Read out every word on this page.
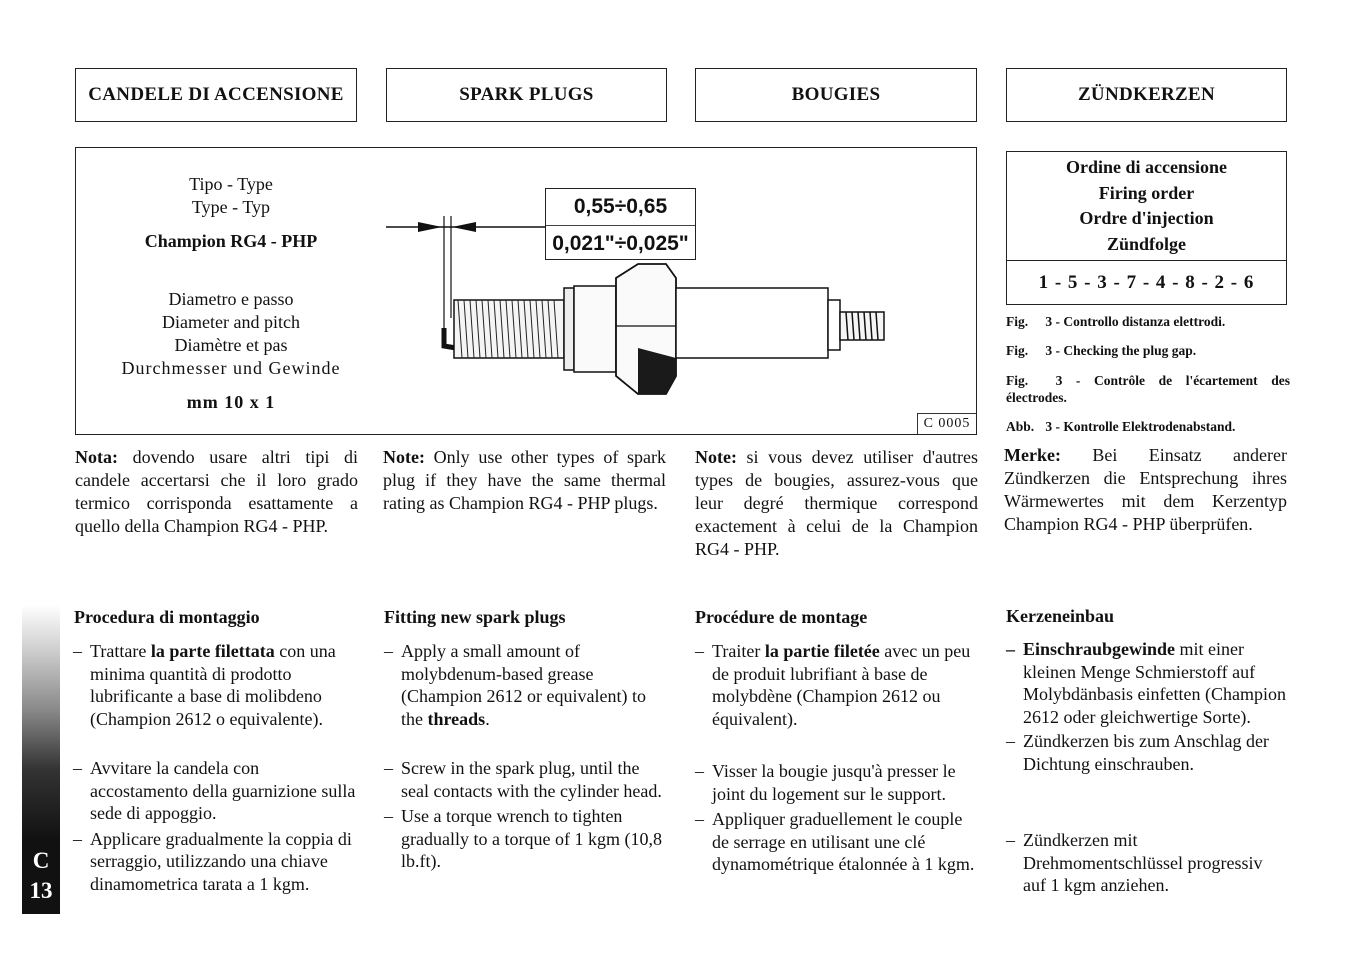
CANDELE DI ACCENSIONE	SPARK PLUGS	BOUGIES	ZÜNDKERZEN
Tipo - Type
Type - Typ
Champion RG4 - PHP
Diametro e passo
Diameter and pitch
Diamètre et pas
Durchmesser und Gewinde
mm 10 x 1
0,55÷0,65
0,021"÷0,025"
C 0005
Ordine di accensione
Firing order
Ordre d'injection
Zündfolge
1 - 5 - 3 - 7 - 4 - 8 - 2 - 6
Fig. 3 - Controllo distanza elettrodi.
Fig. 3 - Checking the plug gap.
Fig. 3 - Contrôle de l'écartement des électrodes.
Abb. 3 - Kontrolle Elektrodenabstand.
Nota: dovendo usare altri tipi di candele accertarsi che il loro grado termico corrisponda esattamente a quello della Champion RG4 - PHP.
Note: Only use other types of spark plug if they have the same thermal rating as Champion RG4 - PHP plugs.
Note: si vous devez utiliser d'autres types de bougies, assurez-vous que leur degré thermique correspond exactement à celui de la Champion RG4 - PHP.
Merke: Bei Einsatz anderer Zündkerzen die Entsprechung ihres Wärmewertes mit dem Kerzentyp Champion RG4 - PHP überprüfen.
Procedura di montaggio	Fitting new spark plugs	Procédure de montage	Kerzeneinbau
– Trattare la parte filettata con una minima quantità di prodotto lubrificante a base di molibdeno (Champion 2612 o equivalente).
– Avvitare la candela con accostamento della guarnizione sulla sede di appoggio.
– Applicare gradualmente la coppia di serraggio, utilizzando una chiave dinamometrica tarata a 1 kgm.
– Apply a small amount of molybdenum-based grease (Champion 2612 or equivalent) to the threads.
– Screw in the spark plug, until the seal contacts with the cylinder head.
– Use a torque wrench to tighten gradually to a torque of 1 kgm (10,8 lb.ft).
– Traiter la partie filetée avec un peu de produit lubrifiant à base de molybdène (Champion 2612 ou équivalent).
– Visser la bougie jusqu'à presser le joint du logement sur le support.
– Appliquer graduellement le couple de serrage en utilisant une clé dynamométrique étalonnée à 1 kgm.
– Einschraubgewinde mit einer kleinen Menge Schmierstoff auf Molybdänbasis einfetten (Champion 2612 oder gleichwertige Sorte).
– Zündkerzen bis zum Anschlag der Dichtung einschrauben.
– Zündkerzen mit Drehmomentschlüssel progressiv auf 1 kgm anziehen.
C
13
